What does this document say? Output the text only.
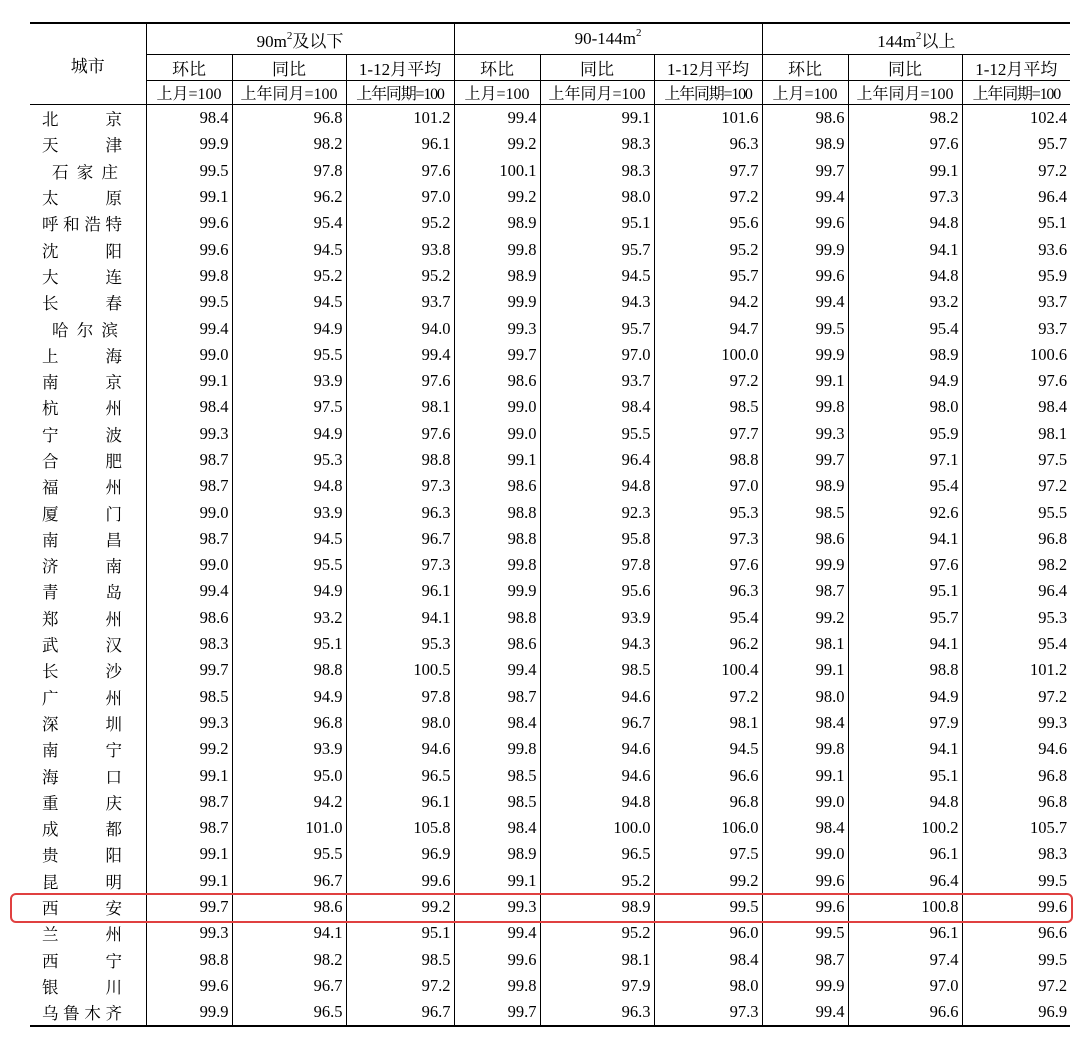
城市	$90m^2$及以下			$90-144m^2$			$144m^2$以上		
	环比	同比	1-12月平均	环比	同比	1-12月平均	环比	同比	1-12月平均
	上月=100	上年同月=100	上年同期=100	上月=100	上年同月=100	上年同期=100	上月=100	上年同月=100	上年同期=100

北 京	98.4	96.8	101.2	99.4	99.1	101.6	98.6	98.2	102.4

天 津	99.9	98.2	96.1	99.2	98.3	96.3	98.9	97.6	95.7

石 家 庄	99.5	97.8	97.6	100.1	98.3	97.7	99.7	99.1	97.2

太 原	99.1	96.2	97.0	99.2	98.0	97.2	99.4	97.3	96.4

呼 和 浩 特	99.6	95.4	95.2	98.9	95.1	95.6	99.6	94.8	95.1

沈 阳	99.6	94.5	93.8	99.8	95.7	95.2	99.9	94.1	93.6

大 连	99.8	95.2	95.2	98.9	94.5	95.7	99.6	94.8	95.9

长 春	99.5	94.5	93.7	99.9	94.3	94.2	99.4	93.2	93.7

哈 尔 滨	99.4	94.9	94.0	99.3	95.7	94.7	99.5	95.4	93.7

上 海	99.0	95.5	99.4	99.7	97.0	100.0	99.9	98.9	100.6

南 京	99.1	93.9	97.6	98.6	93.7	97.2	99.1	94.9	97.6

杭 州	98.4	97.5	98.1	99.0	98.4	98.5	99.8	98.0	98.4

宁 波	99.3	94.9	97.6	99.0	95.5	97.7	99.3	95.9	98.1

合 肥	98.7	95.3	98.8	99.1	96.4	98.8	99.7	97.1	97.5

福 州	98.7	94.8	97.3	98.6	94.8	97.0	98.9	95.4	97.2

厦 门	99.0	93.9	96.3	98.8	92.3	95.3	98.5	92.6	95.5

南 昌	98.7	94.5	96.7	98.8	95.8	97.3	98.6	94.1	96.8

济 南	99.0	95.5	97.3	99.8	97.8	97.6	99.9	97.6	98.2

青 岛	99.4	94.9	96.1	99.9	95.6	96.3	98.7	95.1	96.4

郑 州	98.6	93.2	94.1	98.8	93.9	95.4	99.2	95.7	95.3

武 汉	98.3	95.1	95.3	98.6	94.3	96.2	98.1	94.1	95.4

长 沙	99.7	98.8	100.5	99.4	98.5	100.4	99.1	98.8	101.2

广 州	98.5	94.9	97.8	98.7	94.6	97.2	98.0	94.9	97.2

深 圳	99.3	96.8	98.0	98.4	96.7	98.1	98.4	97.9	99.3

南 宁	99.2	93.9	94.6	99.8	94.6	94.5	99.8	94.1	94.6

海 口	99.1	95.0	96.5	98.5	94.6	96.6	99.1	95.1	96.8

重 庆	98.7	94.2	96.1	98.5	94.8	96.8	99.0	94.8	96.8

成 都	98.7	101.0	105.8	98.4	100.0	106.0	98.4	100.2	105.7

贵 阳	99.1	95.5	96.9	98.9	96.5	97.5	99.0	96.1	98.3

昆 明	99.1	96.7	99.6	99.1	95.2	99.2	99.6	96.4	99.5

西 安	99.7	98.6	99.2	99.3	98.9	99.5	99.6	100.8	99.6

兰 州	99.3	94.1	95.1	99.4	95.2	96.0	99.5	96.1	96.6

西 宁	98.8	98.2	98.5	99.6	98.1	98.4	98.7	97.4	99.5

银 川	99.6	96.7	97.2	99.8	97.9	98.0	99.9	97.0	97.2

乌 鲁 木 齐	99.9	96.5	96.7	99.7	96.3	97.3	99.4	96.6	96.9
